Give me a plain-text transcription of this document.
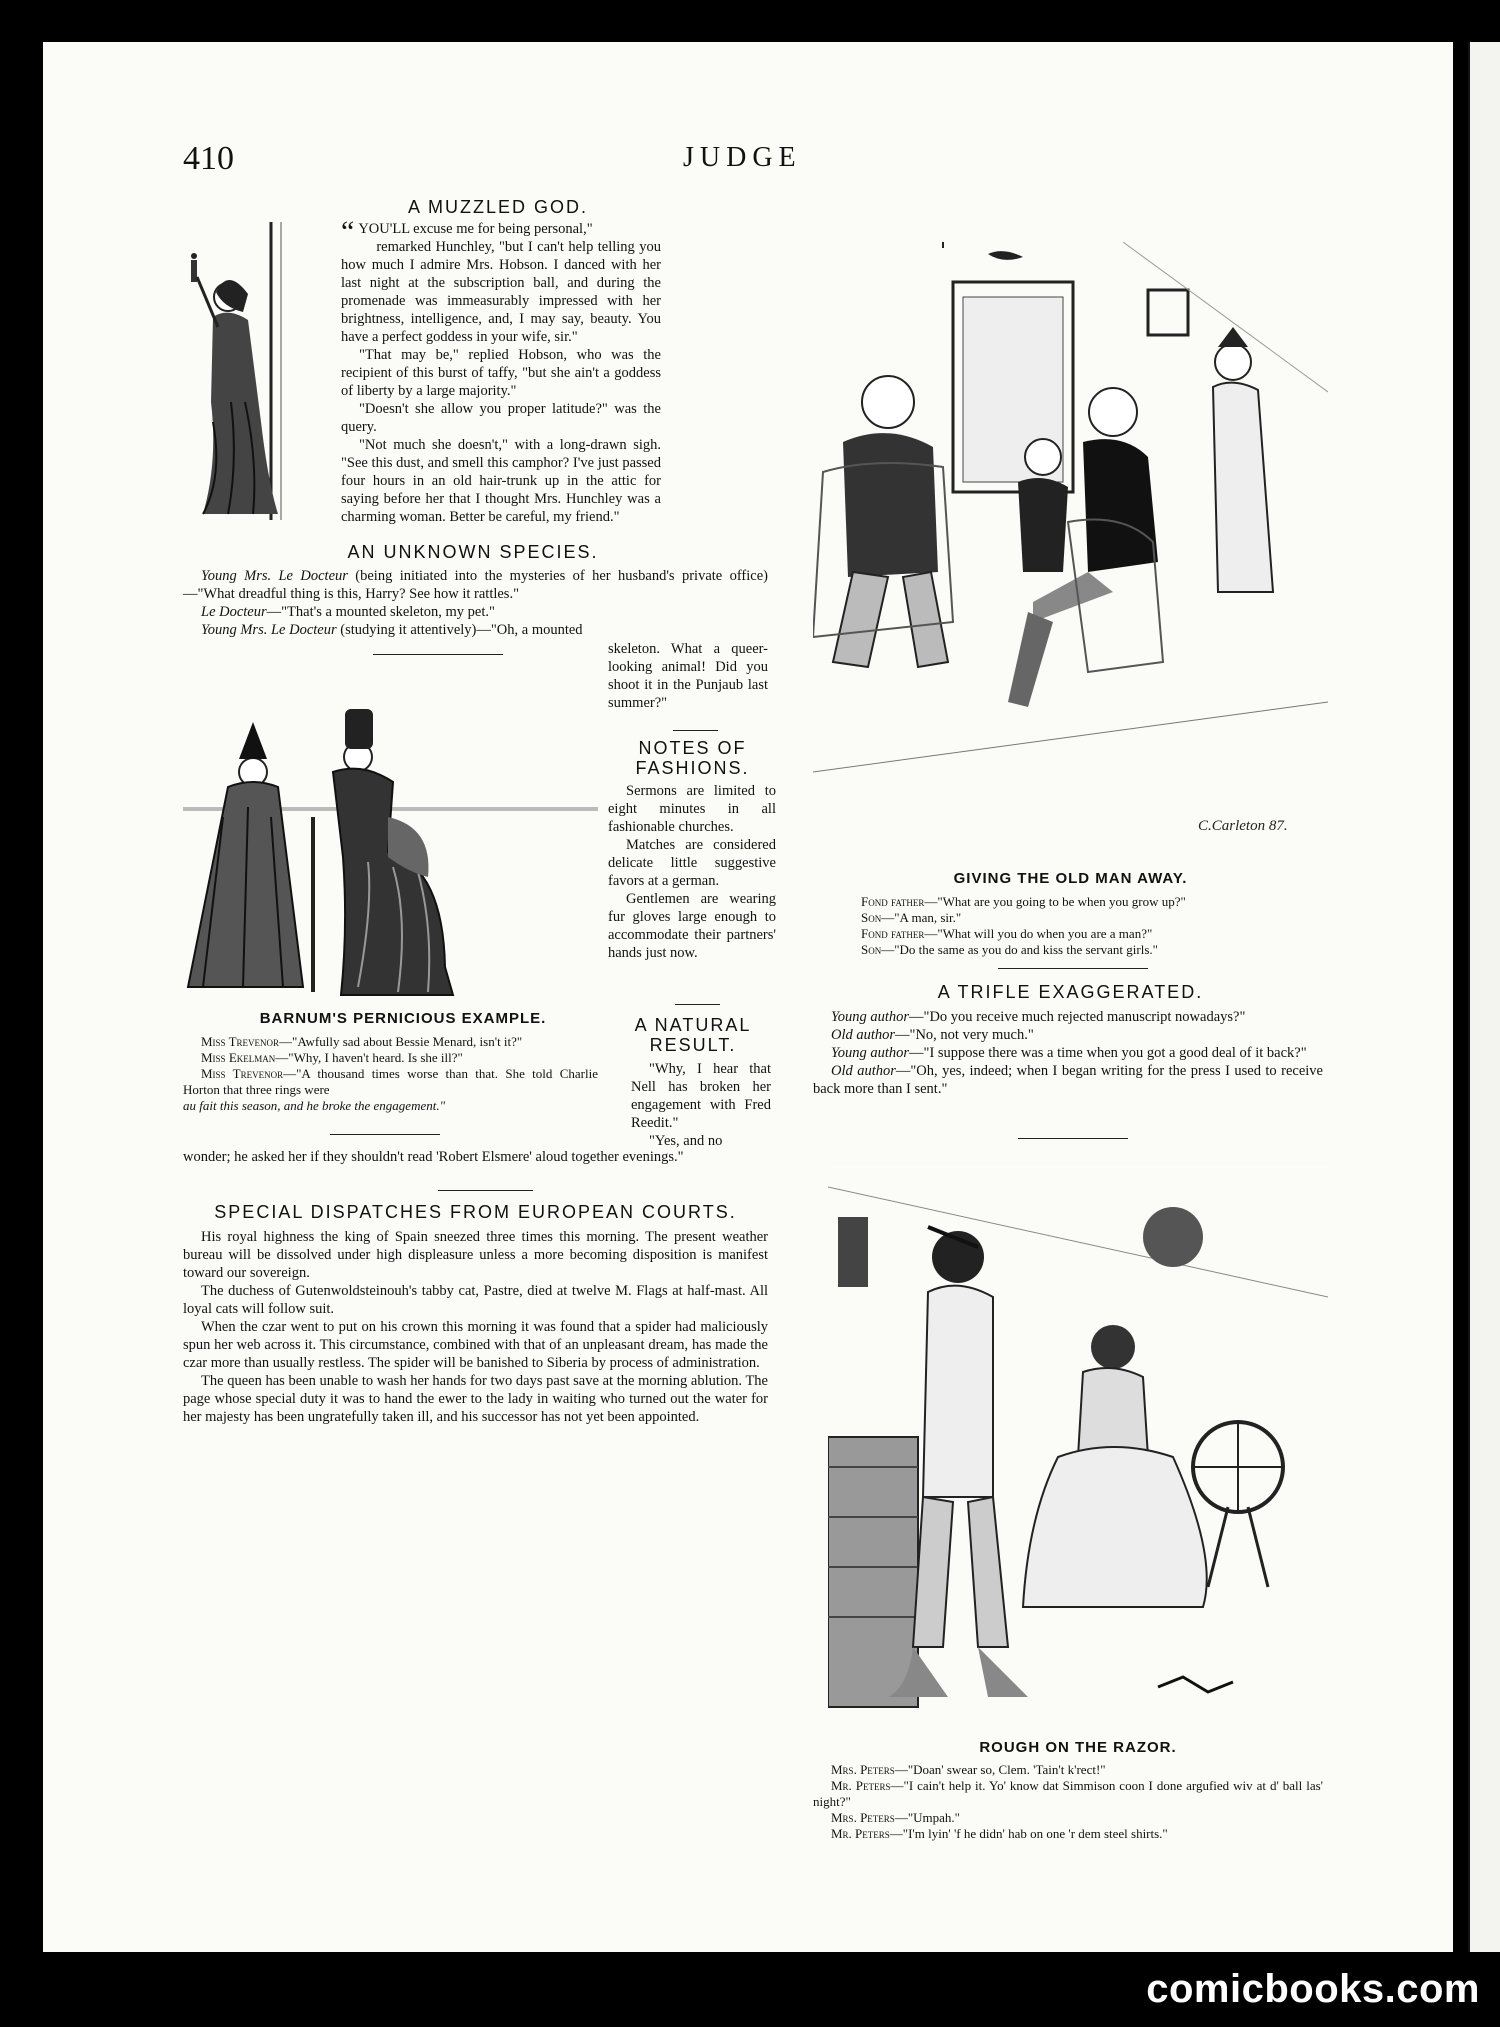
410	JUDGE
A MUZZLED GOD.

“ YOU'LL excuse me for being personal,"

remarked Hunchley, "but I can't help telling you how much I admire Mrs. Hobson. I danced with her last night at the subscription ball, and during the promenade was immeasurably impressed with her brightness, intelligence, and, I may say, beauty. You have a perfect goddess in your wife, sir."

"That may be," replied Hobson, who was the recipient of this burst of taffy, "but she ain't a goddess of liberty by a large majority."

"Doesn't she allow you proper latitude?" was the query.

"Not much she doesn't," with a long-drawn sigh. "See this dust, and smell this camphor? I've just passed four hours in an old hair-trunk up in the attic for saying before her that I thought Mrs. Hunchley was a charming woman. Better be careful, my friend."

AN UNKNOWN SPECIES.

Young Mrs. Le Docteur (being initiated into the mysteries of her husband's private office)—"What dreadful thing is this, Harry? See how it rattles."

Le Docteur—"That's a mounted skeleton, my pet."

Young Mrs. Le Docteur (studying it attentively)—"Oh, a mounted

skeleton. What a queer-looking animal! Did you shoot it in the Punjaub last summer?"

BARNUM'S PERNICIOUS EXAMPLE.

Miss Trevenor—"Awfully sad about Bessie Menard, isn't it?"

Miss Ekelman—"Why, I haven't heard. Is she ill?"

Miss Trevenor—"A thousand times worse than that. She told Charlie Horton that three rings were

au fait this season, and he broke the engagement."

NOTES OF FASHIONS.

Sermons are limited to eight minutes in all fashionable churches.

Matches are considered delicate little suggestive favors at a german.

Gentlemen are wearing fur gloves large enough to accommodate their partners' hands just now.

A NATURAL
RESULT.

"Why, I hear that Nell has broken her engagement with Fred Reedit."

"Yes, and no

wonder; he asked her if they shouldn't read 'Robert Elsmere' aloud together evenings."

SPECIAL DISPATCHES FROM EUROPEAN COURTS.

His royal highness the king of Spain sneezed three times this morning. The present weather bureau will be dissolved under high displeasure unless a more becoming disposition is manifest toward our sovereign.

The duchess of Gutenwoldsteinouh's tabby cat, Pastre, died at twelve M. Flags at half-mast. All loyal cats will follow suit.

When the czar went to put on his crown this morning it was found that a spider had maliciously spun her web across it. This circumstance, combined with that of an unpleasant dream, has made the czar more than usually restless. The spider will be banished to Siberia by process of administration.

The queen has been unable to wash her hands for two days past save at the morning ablution. The page whose special duty it was to hand the ewer to the lady in waiting who turned out the water for her majesty has been ungratefully taken ill, and his successor has not yet been appointed.

C.Carleton 87.
GIVING THE OLD MAN AWAY.

Fond father—"What are you going to be when you grow up?"

Son—"A man, sir."

Fond father—"What will you do when you are a man?"

Son—"Do the same as you do and kiss the servant girls."

A TRIFLE EXAGGERATED.

Young author—"Do you receive much rejected manuscript nowadays?"

Old author—"No, not very much."

Young author—"I suppose there was a time when you got a good deal of it back?"

Old author—"Oh, yes, indeed; when I began writing for the press I used to receive back more than I sent."

ROUGH ON THE RAZOR.

Mrs. Peters—"Doan' swear so, Clem. 'Tain't k'rect!"

Mr. Peters—"I cain't help it. Yo' know dat Simmison coon I done argufied wiv at d' ball las' night?"

Mrs. Peters—"Umpah."

Mr. Peters—"I'm lyin' 'f he didn' hab on one 'r dem steel shirts."

comicbooks.com
